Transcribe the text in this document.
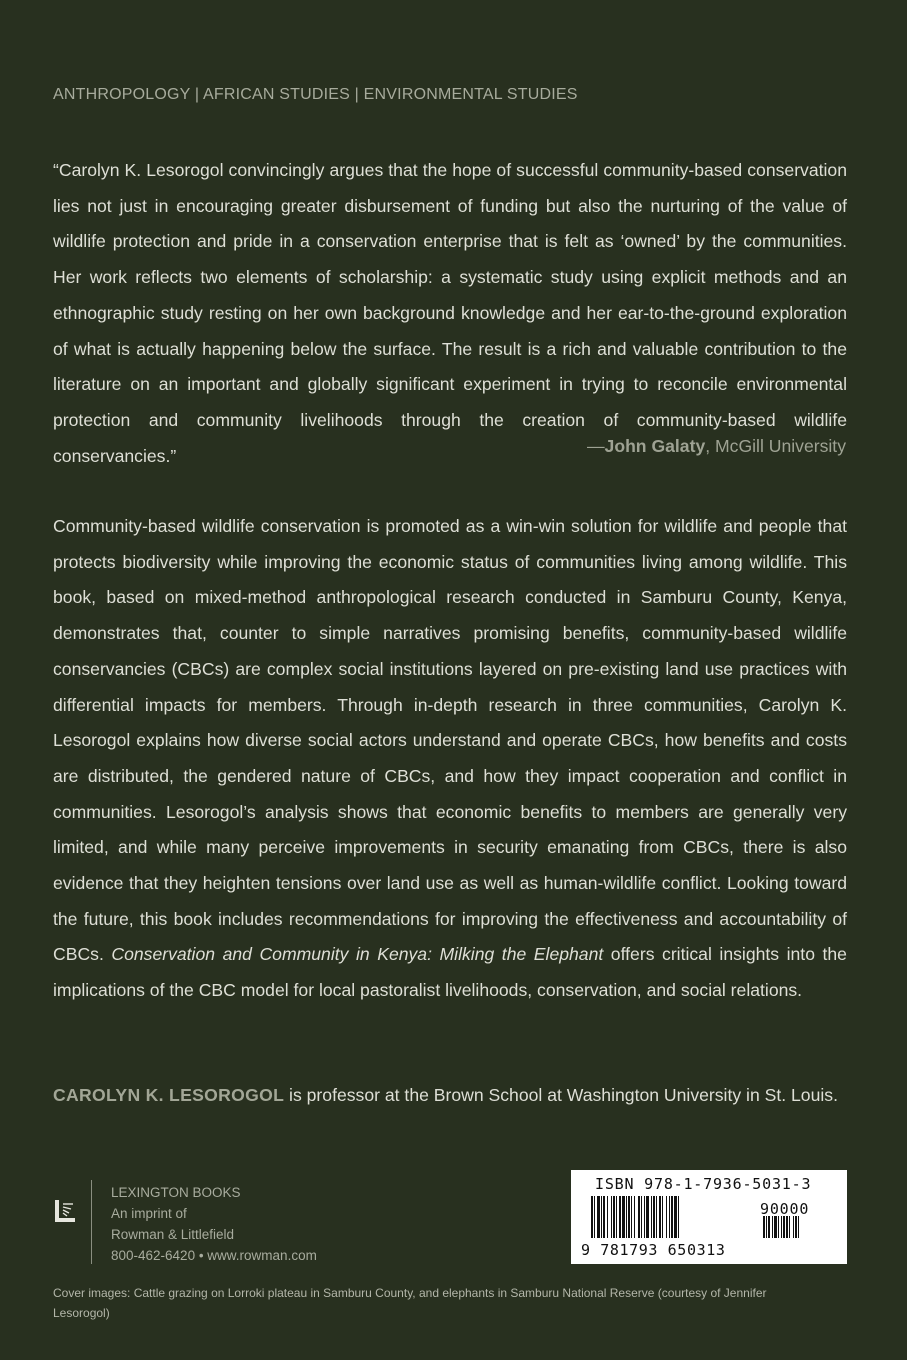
ANTHROPOLOGY | AFRICAN STUDIES | ENVIRONMENTAL STUDIES

“Carolyn K. Lesorogol convincingly argues that the hope of successful community-based conservation lies not just in encouraging greater disbursement of funding but also the nurturing of the value of wildlife protection and pride in a conservation enterprise that is felt as ‘owned’ by the communities. Her work reflects two elements of scholarship: a systematic study using explicit methods and an ethnographic study resting on her own background knowledge and her ear-to-the-ground exploration of what is actually happening below the surface. The result is a rich and valuable contribution to the literature on an important and globally significant experiment in trying to reconcile environmental protection and community livelihoods through the creation of community-based wildlife conservancies.”	—John Galaty, McGill University

Community-based wildlife conservation is promoted as a win-win solution for wildlife and people that protects biodiversity while improving the economic status of communities living among wildlife. This book, based on mixed-method anthropological research conducted in Samburu County, Kenya, demonstrates that, counter to simple narratives promising benefits, community-based wildlife conservancies (CBCs) are complex social institutions layered on pre-existing land use practices with differential impacts for members. Through in-depth research in three communities, Carolyn K. Lesorogol explains how diverse social actors understand and operate CBCs, how benefits and costs are distributed, the gendered nature of CBCs, and how they impact cooperation and conflict in communities. Lesorogol’s analysis shows that economic benefits to members are generally very limited, and while many perceive improvements in security emanating from CBCs, there is also evidence that they heighten tensions over land use as well as human-wildlife conflict. Looking toward the future, this book includes recommendations for improving the effectiveness and accountability of CBCs. Conservation and Community in Kenya: Milking the Elephant offers critical insights into the implications of the CBC model for local pastoralist livelihoods, conservation, and social relations.

CAROLYN K. LESOROGOL is professor at the Brown School at Washington University in St. Louis.

LEXINGTON BOOKS
An imprint of
Rowman & Littlefield
800-462-6420 • www.rowman.com
ISBN 978-1-7936-5031-3
90000
9 781793 650313

Cover images: Cattle grazing on Lorroki plateau in Samburu County, and elephants in Samburu National Reserve (courtesy of Jennifer Lesorogol)
